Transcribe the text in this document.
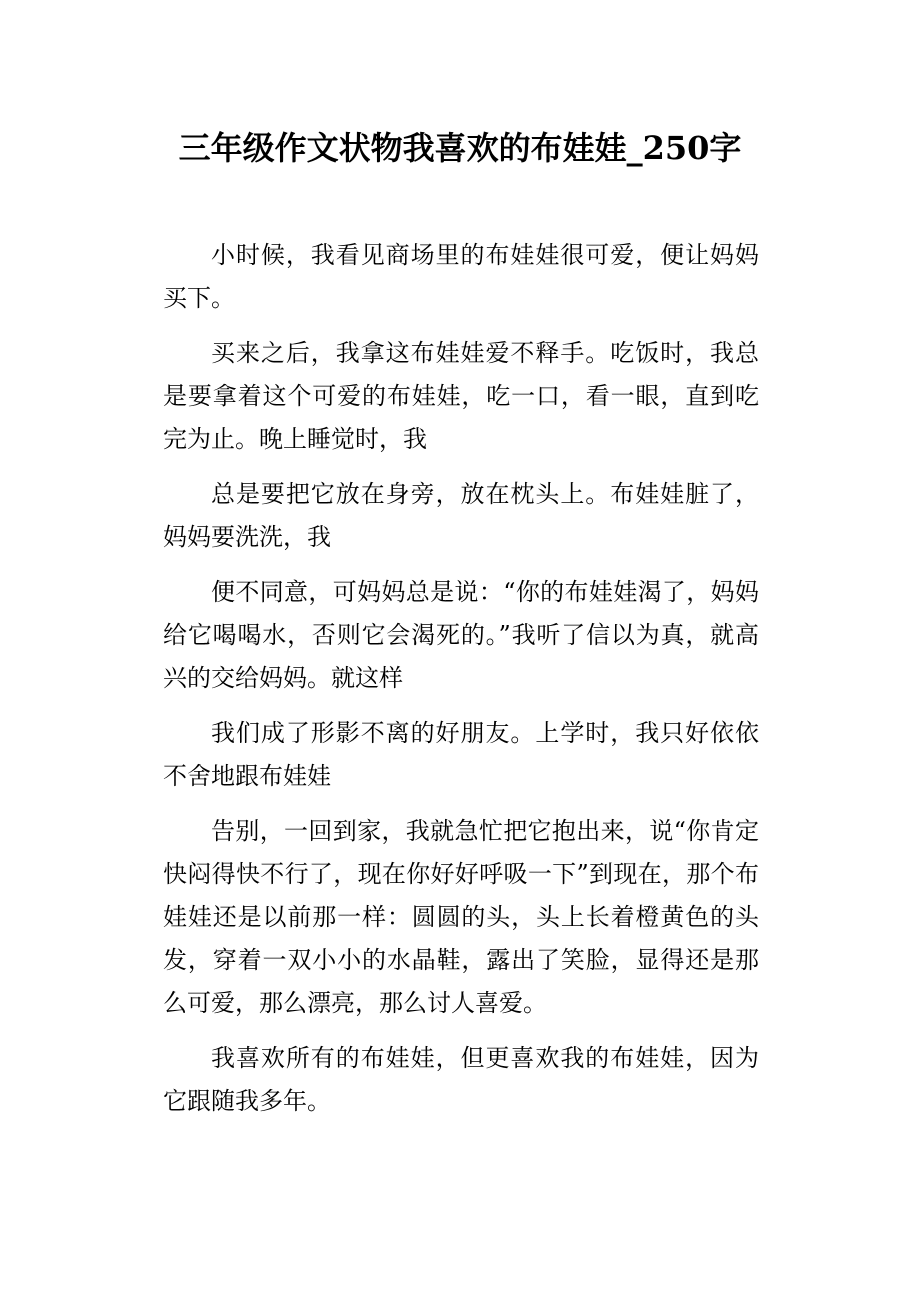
三年级作文状物我喜欢的布娃娃_250字

小时候，我看见商场里的布娃娃很可爱，便让妈妈买下。

买来之后，我拿这布娃娃爱不释手。吃饭时，我总是要拿着这个可爱的布娃娃，吃一口，看一眼，直到吃完为止。晚上睡觉时，我

总是要把它放在身旁，放在枕头上。布娃娃脏了，妈妈要洗洗，我

便不同意，可妈妈总是说：“你的布娃娃渴了，妈妈给它喝喝水，否则它会渴死的。”我听了信以为真，就高兴的交给妈妈。就这样

我们成了形影不离的好朋友。上学时，我只好依依不舍地跟布娃娃

告别，一回到家，我就急忙把它抱出来，说“你肯定快闷得快不行了，现在你好好呼吸一下”到现在，那个布娃娃还是以前那一样：圆圆的头，头上长着橙黄色的头发，穿着一双小小的水晶鞋，露出了笑脸，显得还是那么可爱，那么漂亮，那么讨人喜爱。

我喜欢所有的布娃娃，但更喜欢我的布娃娃，因为它跟随我多年。
